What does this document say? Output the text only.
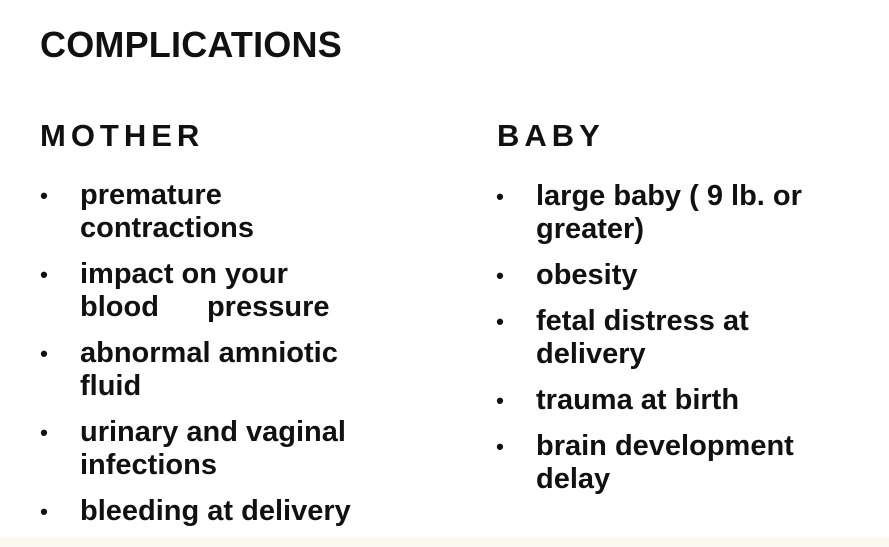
COMPLICATIONS
MOTHER	BABY
• premature
contractions
• impact on your
blood pressure
• abnormal amniotic
fluid
• urinary and vaginal
infections
• bleeding at delivery
• large baby ( 9 lb. or
greater)
• obesity
• fetal distress at
delivery
• trauma at birth
• brain development
delay
